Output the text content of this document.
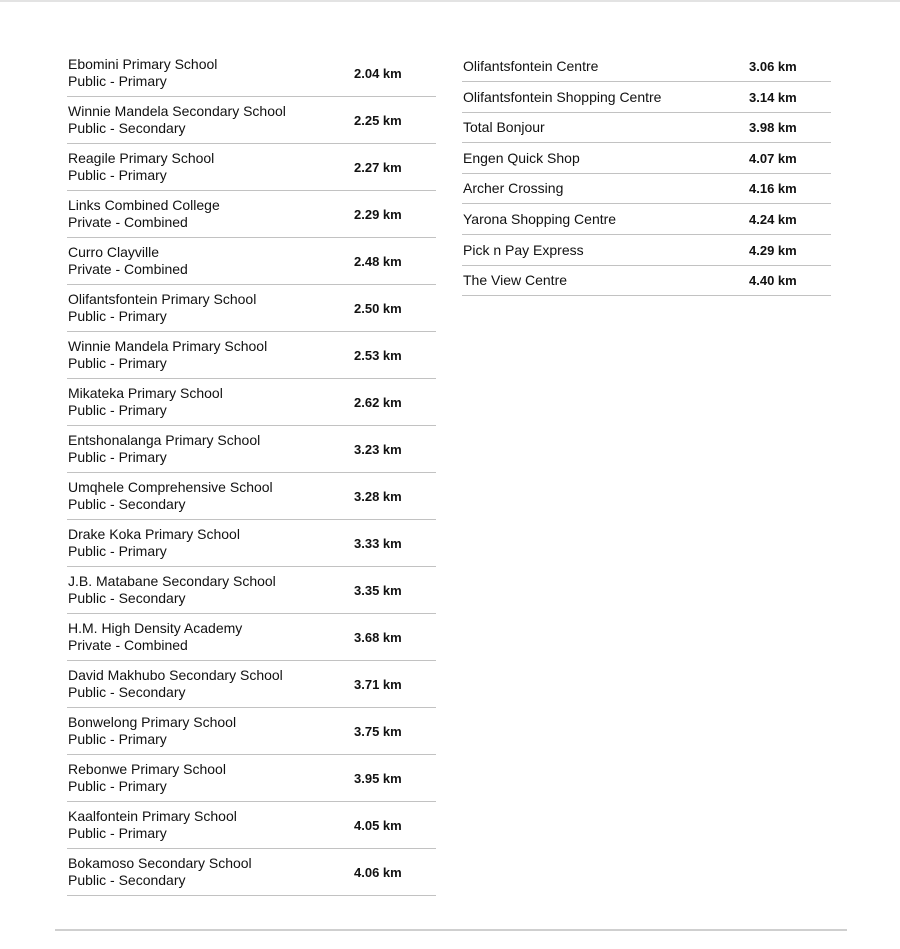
Ebomini Primary School
Public - Primary	2.04 km
Winnie Mandela Secondary School
Public - Secondary	2.25 km
Reagile Primary School
Public - Primary	2.27 km
Links Combined College
Private - Combined	2.29 km
Curro Clayville
Private - Combined	2.48 km
Olifantsfontein Primary School
Public - Primary	2.50 km
Winnie Mandela Primary School
Public - Primary	2.53 km
Mikateka Primary School
Public - Primary	2.62 km
Entshonalanga Primary School
Public - Primary	3.23 km
Umqhele Comprehensive School
Public - Secondary	3.28 km
Drake Koka Primary School
Public - Primary	3.33 km
J.B. Matabane Secondary School
Public - Secondary	3.35 km
H.M. High Density Academy
Private - Combined	3.68 km
David Makhubo Secondary School
Public - Secondary	3.71 km
Bonwelong Primary School
Public - Primary	3.75 km
Rebonwe Primary School
Public - Primary	3.95 km
Kaalfontein Primary School
Public - Primary	4.05 km
Bokamoso Secondary School
Public - Secondary	4.06 km
Olifantsfontein Centre	3.06 km
Olifantsfontein Shopping Centre	3.14 km
Total Bonjour	3.98 km
Engen Quick Shop	4.07 km
Archer Crossing	4.16 km
Yarona Shopping Centre	4.24 km
Pick n Pay Express	4.29 km
The View Centre	4.40 km
